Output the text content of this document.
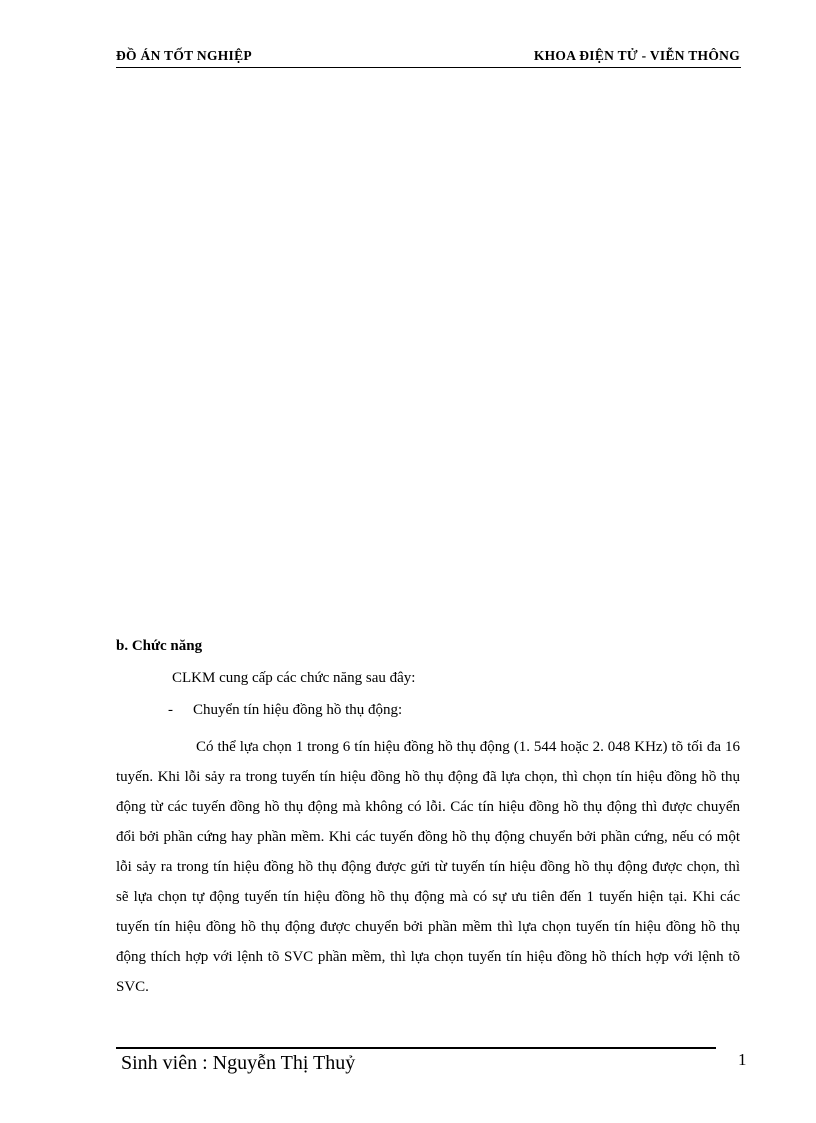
ĐỒ ÁN TỐT NGHIỆP	KHOA ĐIỆN TỬ - VIỄN THÔNG
b. Chức năng
CLKM cung cấp các chức năng sau đây:
- Chuyển tín hiệu đồng hồ thụ động:

Có thể lựa chọn 1 trong 6 tín hiệu đồng hồ thụ động (1. 544 hoặc 2. 048 KHz) tõ tối đa 16 tuyến. Khi lỗi sảy ra trong tuyến tín hiệu đồng hồ thụ động đã lựa chọn, thì chọn tín hiệu đồng hồ thụ động từ các tuyến đồng hồ thụ động mà không có lỗi. Các tín hiệu đồng hồ thụ động thì được chuyển đổi bởi phần cứng hay phần mềm. Khi các tuyến đồng hồ thụ động chuyển bởi phần cứng, nếu có một lỗi sảy ra trong tín hiệu đồng hồ thụ động được gửi từ tuyến tín hiệu đồng hồ thụ động được chọn, thì sẽ lựa chọn tự động tuyến tín hiệu đồng hồ thụ động mà có sự ưu tiên đến 1 tuyến hiện tại. Khi các tuyến tín hiệu đồng hồ thụ động được chuyển bởi phần mềm thì lựa chọn tuyến tín hiệu đồng hồ thụ động thích hợp với lệnh tõ SVC phần mềm, thì lựa chọn tuyến tín hiệu đồng hồ thích hợp với lệnh tõ SVC.

Sinh viên : Nguyễn Thị Thuỷ	1
